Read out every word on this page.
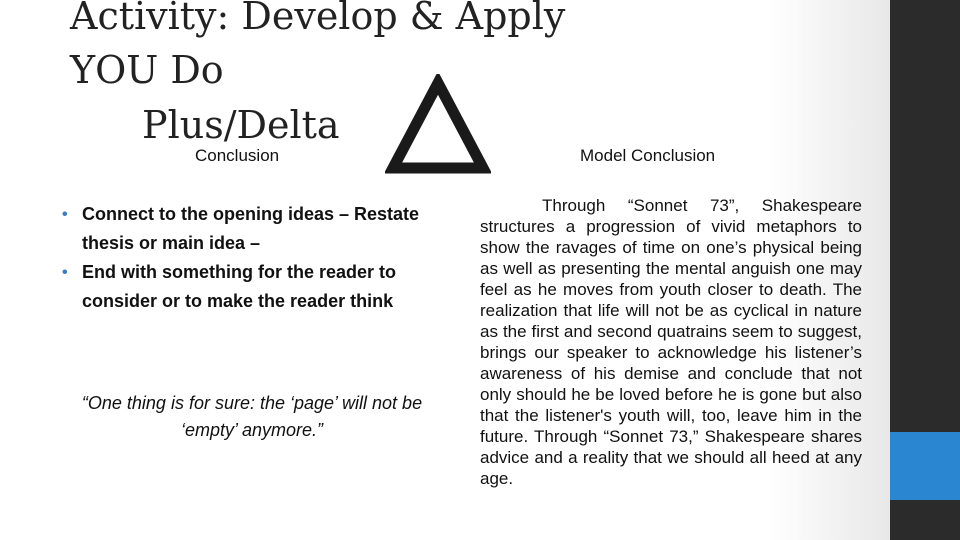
Activity: Develop & Apply
YOU Do
Plus/Delta
Conclusion	Model Conclusion
• Connect to the opening ideas – Restate thesis or main idea –
• End with something for the reader to consider or to make the reader think
“One thing is for sure: the ‘page’ will not be ‘empty’ anymore.”
Through “Sonnet 73”, Shakespeare structures a progression of vivid metaphors to show the ravages of time on one’s physical being as well as presenting the mental anguish one may feel as he moves from youth closer to death. The realization that life will not be as cyclical in nature as the first and second quatrains seem to suggest, brings our speaker to acknowledge his listener’s awareness of his demise and conclude that not only should he be loved before he is gone but also that the listener's youth will, too, leave him in the future. Through “Sonnet 73,” Shakespeare shares advice and a reality that we should all heed at any age.
